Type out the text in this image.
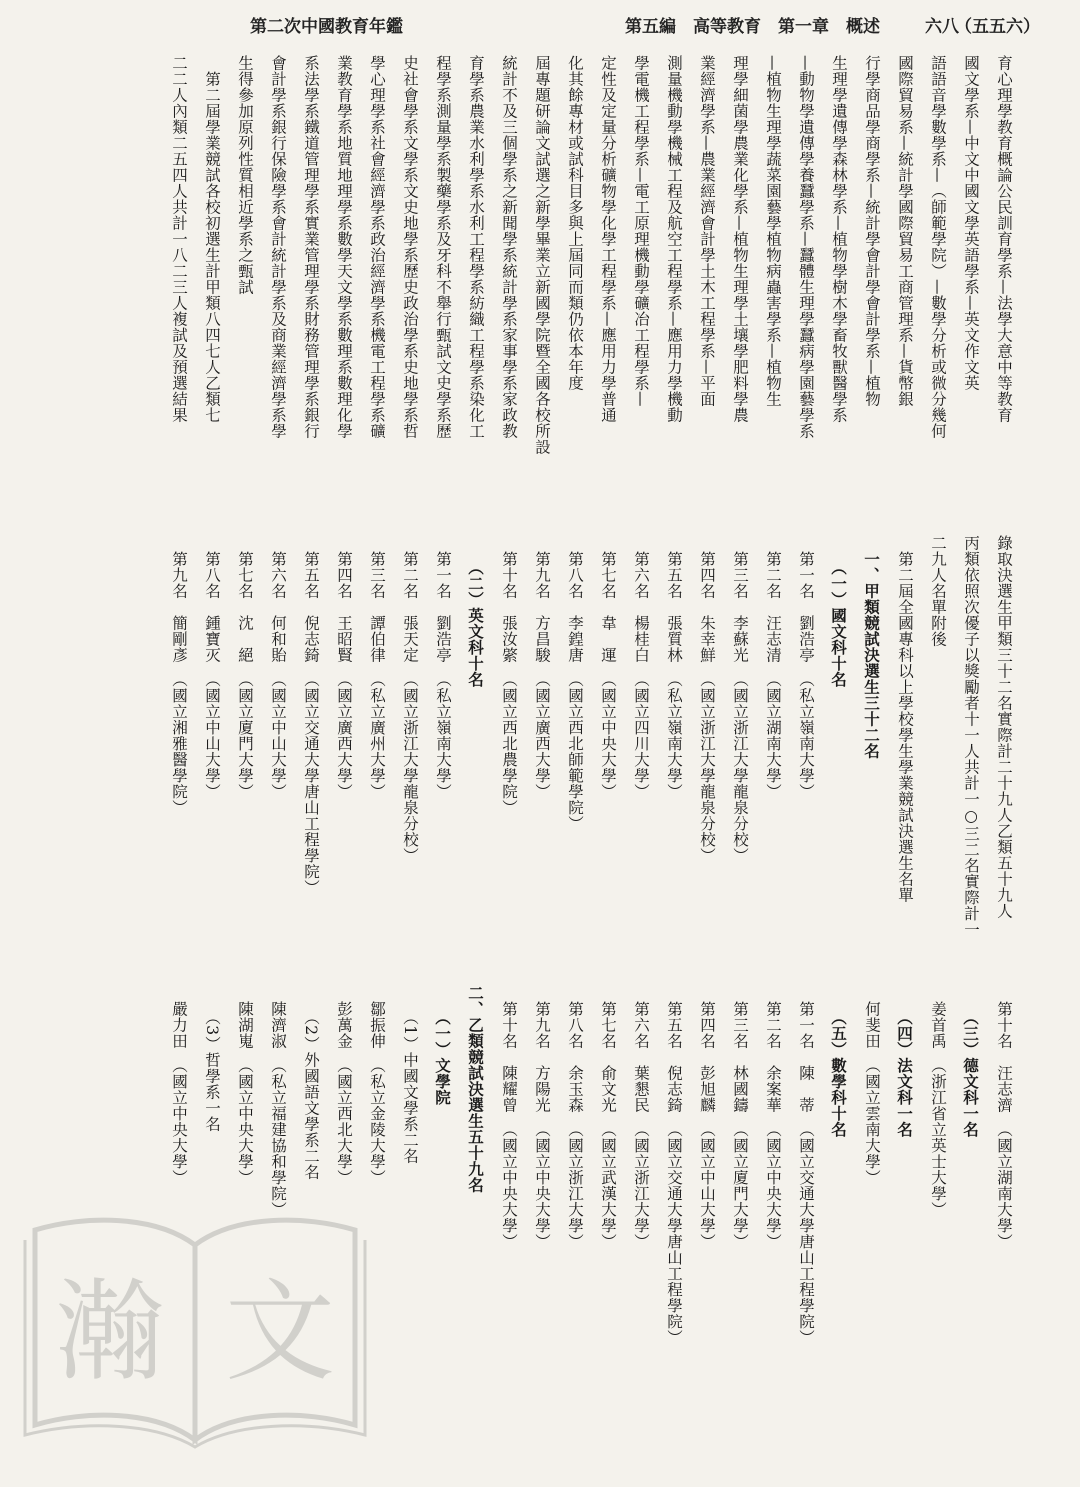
第二次中國教育年鑑	第五編　高等教育　第一章　概述	六八
（五五六）
育心理學教育概論公民訓育學系—法學大意中等教育
國文學系—中文中國文學英語學系—英文作文英
語語音學數學系—（師範學院）—數學分析或微分幾何
國際貿易系—統計學國際貿易工商管理系—貨幣銀
行學商品學商學系—統計學會計學會計學系—植物
生理學遺傳學森林學系—植物學樹木學畜牧獸醫學系
—動物學遺傳學養蠶學系—蠶體生理學蠶病學園藝學系
—植物生理學蔬菜園藝學植物病蟲害學系—植物生
理學細菌學農業化學系—植物生理學土壤學肥料學農
業經濟學系—農業經濟會計學土木工程學系—平面
測量機動學機械工程及航空工程學系—應用力學機動
學電機工程學系—電工原理機動學礦冶工程學系—
定性及定量分析礦物學化學工程學系—應用力學普通
化其餘專材或試科目多與上屆同而類仍依本年度
屆專題研論文試選之新學畢業立新國學院暨全國各校所設
統計不及三個學系之新聞學系統計學系家事學系家政教
育學系農業水利學系水利工程學系紡織工程學系染化工
程學系測量學系製藥學系及牙科不舉行甄試文史學系歷
史社會學系文學系文史地學系歷史政治學系史地學系哲
學心理學系社會經濟學系政治經濟學系機電工程學系礦
業教育學系地質地理學系數學天文學系數理系數理化學
系法學系鐵道管理學系實業管理學系財務管理學系銀行
會計學系銀行保險學系會計統計學系及商業經濟學系學
生得參加原列性質相近學系之甄試
　第二屆學業競試各校初選生計甲類八四七人乙類七
二二人內類二五四人共計一八二三人複試及預選結果
錄取決選生甲類三十二名實際計二十九人乙類五十九人
丙類依照次優子以獎勵者十一人共計一○三二名實際計一
二九人名單附後
　第二屆全國專科以上學校學生學業競試決選生名單
　一、甲類競試決選生三十二名
　　（一）國文科十名
　第一名　劉浩亭　（私立嶺南大學）
　第二名　汪志清　（國立湖南大學）
　第三名　李蘇光　（國立浙江大學龍泉分校）
　第四名　朱幸鮮　（國立浙江大學龍泉分校）
　第五名　張質林　（私立嶺南大學）
　第六名　楊桂白　（國立四川大學）
　第七名　韋　運　（國立中央大學）
　第八名　李鍠唐　（國立西北師範學院）
　第九名　方昌駿　（國立廣西大學）
　第十名　張汝綮　（國立西北農學院）
　　（二）英文科十名
　第一名　劉浩亭　（私立嶺南大學）
　第二名　張天定　（國立浙江大學龍泉分校）
　第三名　譚伯律　（私立廣州大學）
　第四名　王昭賢　（國立廣西大學）
　第五名　倪志錡　（國立交通大學唐山工程學院）
　第六名　何和貽　（國立中山大學）
　第七名　沈　絕　（國立廈門大學）
　第八名　鍾寶灭　（國立中山大學）
　第九名　簡剛彥　（國立湘雅醫學院）
　第十名　汪志濟　（國立湖南大學）
　　（三）德文科一名
　姜首禹　（浙江省立英士大學）
　　（四）法文科一名
　何斐田　（國立雲南大學）
　　（五）數學科十名
　第一名　陳　蒂　（國立交通大學唐山工程學院）
　第二名　余案華　（國立中央大學）
　第三名　林國鑄　（國立廈門大學）
　第四名　彭旭麟　（國立中山大學）
　第五名　倪志錡　（國立交通大學唐山工程學院）
　第六名　葉懇民　（國立浙江大學）
　第七名　俞文光　（國立武漢大學）
　第八名　余玉森　（國立浙江大學）
　第九名　方陽光　（國立中央大學）
　第十名　陳耀曾　（國立中央大學）
二、乙類競試決選生五十九名
　　（一）文學院
　　（1）中國文學系二名
　鄒振伸　（私立金陵大學）
　彭萬金　（國立西北大學）
　　（2）外國語文學系二名
　陳濟淑　（私立福建協和學院）
　陳湖嵬　（國立中央大學）
　　（3）哲學系一名
　嚴力田　（國立中央大學）
瀚 文
